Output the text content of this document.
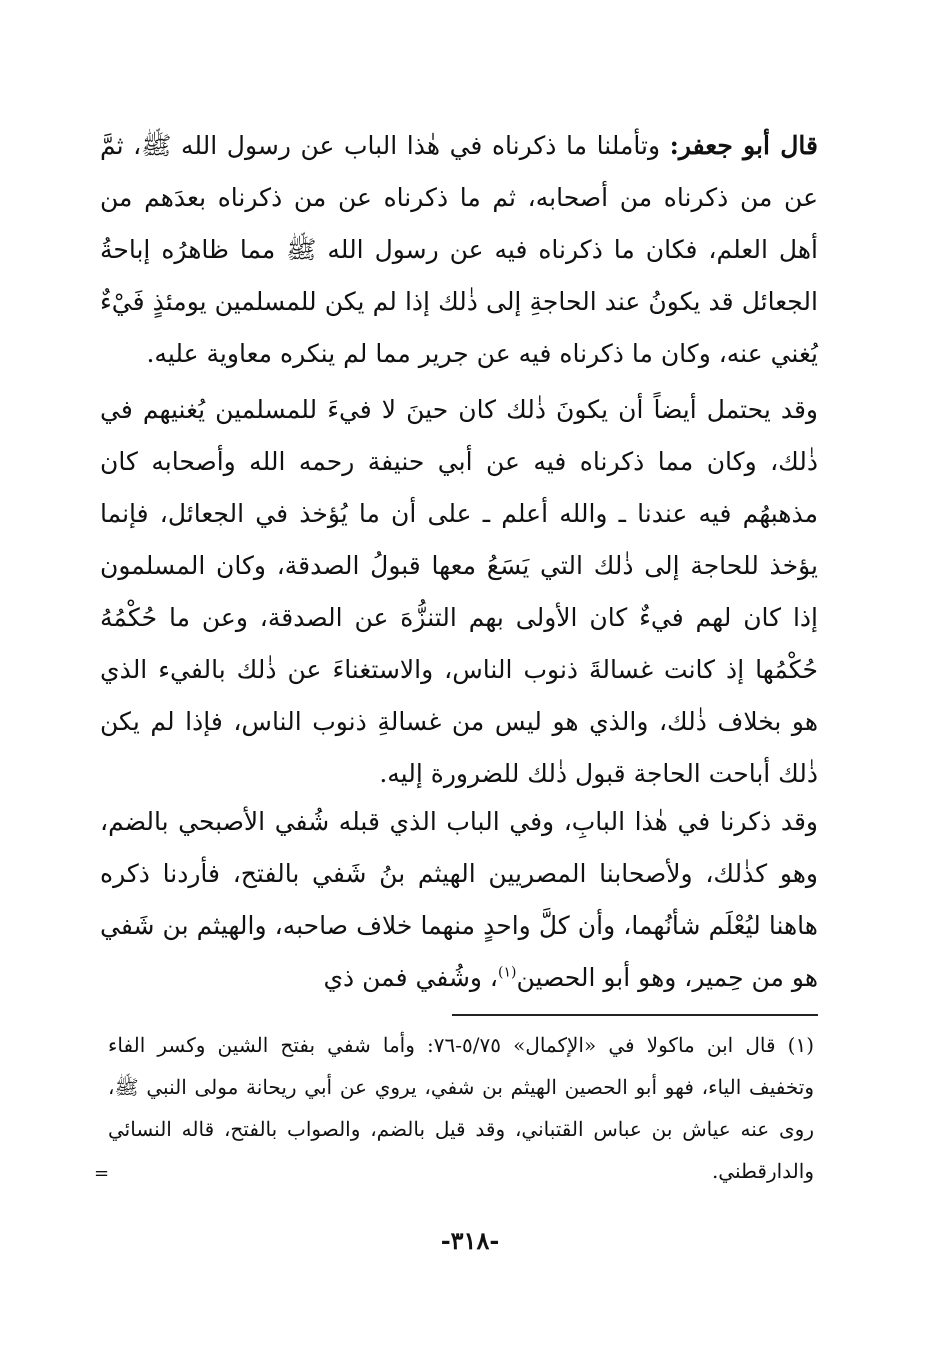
قال أبو جعفر: وتأملنا ما ذكرناه في هٰذا الباب عن رسول الله ﷺ، ثمَّ عن من ذكرناه من أصحابه، ثم ما ذكرناه عن من ذكرناه بعدَهم من أهل العلم، فكان ما ذكرناه فيه عن رسول الله ﷺ مما ظاهرُه إباحةُ الجعائل قد يكونُ عند الحاجةِ إلى ذٰلك إذا لم يكن للمسلمين يومئذٍ فَيْءٌ يُغني عنه، وكان ما ذكرناه فيه عن جرير مما لم ينكره معاوية عليه.

وقد يحتمل أيضاً أن يكونَ ذٰلك كان حينَ لا فيءَ للمسلمين يُغنيهم في ذٰلك، وكان مما ذكرناه فيه عن أبي حنيفة رحمه الله وأصحابه كان مذهبهُم فيه عندنا ـ والله أعلم ـ على أن ما يُؤخذ في الجعائل، فإنما يؤخذ للحاجة إلى ذٰلك التي يَسَعُ معها قبولُ الصدقة، وكان المسلمون إذا كان لهم فيءٌ كان الأولى بهم التنزُّهَ عن الصدقة، وعن ما حُكْمُهُ حُكْمُها إذ كانت غسالةَ ذنوب الناس، والاستغناءَ عن ذٰلك بالفيء الذي هو بخلاف ذٰلك، والذي هو ليس من غسالةِ ذنوب الناس، فإذا لم يكن ذٰلك أباحت الحاجة قبول ذٰلك للضرورة إليه.

وقد ذكرنا في هٰذا البابِ، وفي الباب الذي قبله شُفي الأصبحي بالضم، وهو كذٰلك، ولأصحابنا المصريين الهيثم بنُ شَفي بالفتح، فأردنا ذكره هاهنا ليُعْلَم شأنُهما، وأن كلَّ واحدٍ منهما خلاف صاحبه، والهيثم بن شَفي هو من حِمير، وهو أبو الحصين$^{(١)}$، وشُفي فمن ذي

(١) قال ابن ماكولا في «الإكمال» ٥/٧٥-٧٦: وأما شفي بفتح الشين وكسر الفاء وتخفيف الياء، فهو أبو الحصين الهيثم بن شفي، يروي عن أبي ريحانة مولى النبي ﷺ، روى عنه عياش بن عباس القتباني، وقد قيل بالضم، والصواب بالفتح، قاله النسائي والدارقطني.

=
-٣١٨-
